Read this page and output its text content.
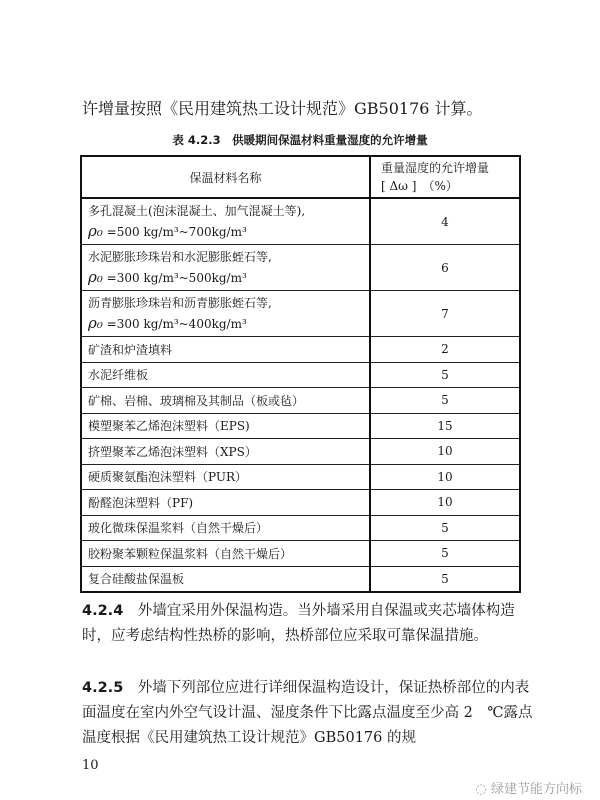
许增量按照《民用建筑热工设计规范》GB50176 计算。
表 4.2.3　供暖期间保温材料重量湿度的允许增量
保温材料名称	重量湿度的允许增量
[ Δω ]　（%）

多孔混凝土(泡沫混凝土、加气混凝土等),
ρ₀ =500 kg/m³~700kg/m³	4

水泥膨胀珍珠岩和水泥膨胀蛭石等,
ρ₀ =300 kg/m³~500kg/m³	6

沥青膨胀珍珠岩和沥青膨胀蛭石等,
ρ₀ =300 kg/m³~400kg/m³	7

矿渣和炉渣填料	2

水泥纤维板	5

矿棉、岩棉、玻璃棉及其制品（板或毡）	5

模塑聚苯乙烯泡沫塑料（EPS)	15

挤塑聚苯乙烯泡沫塑料（XPS）	10

硬质聚氨酯泡沫塑料（PUR）	10

酚醛泡沫塑料（PF)	10

玻化微珠保温浆料（自然干燥后）	5

胶粉聚苯颗粒保温浆料（自然干燥后）	5

复合硅酸盐保温板	5
4.2.4　 外墙宜采用外保温构造。当外墙采用自保温或夹芯墙体构造时，应考虑结构性热桥的影响，热桥部位应采取可靠保温措施。
4.2.5　 外墙下列部位应进行详细保温构造设计，保证热桥部位的内表面温度在室内外空气设计温、湿度条件下比露点温度至少高 2　℃露点温度根据《民用建筑热工设计规范》GB50176 的规
10
◌ 绿建节能方向标
